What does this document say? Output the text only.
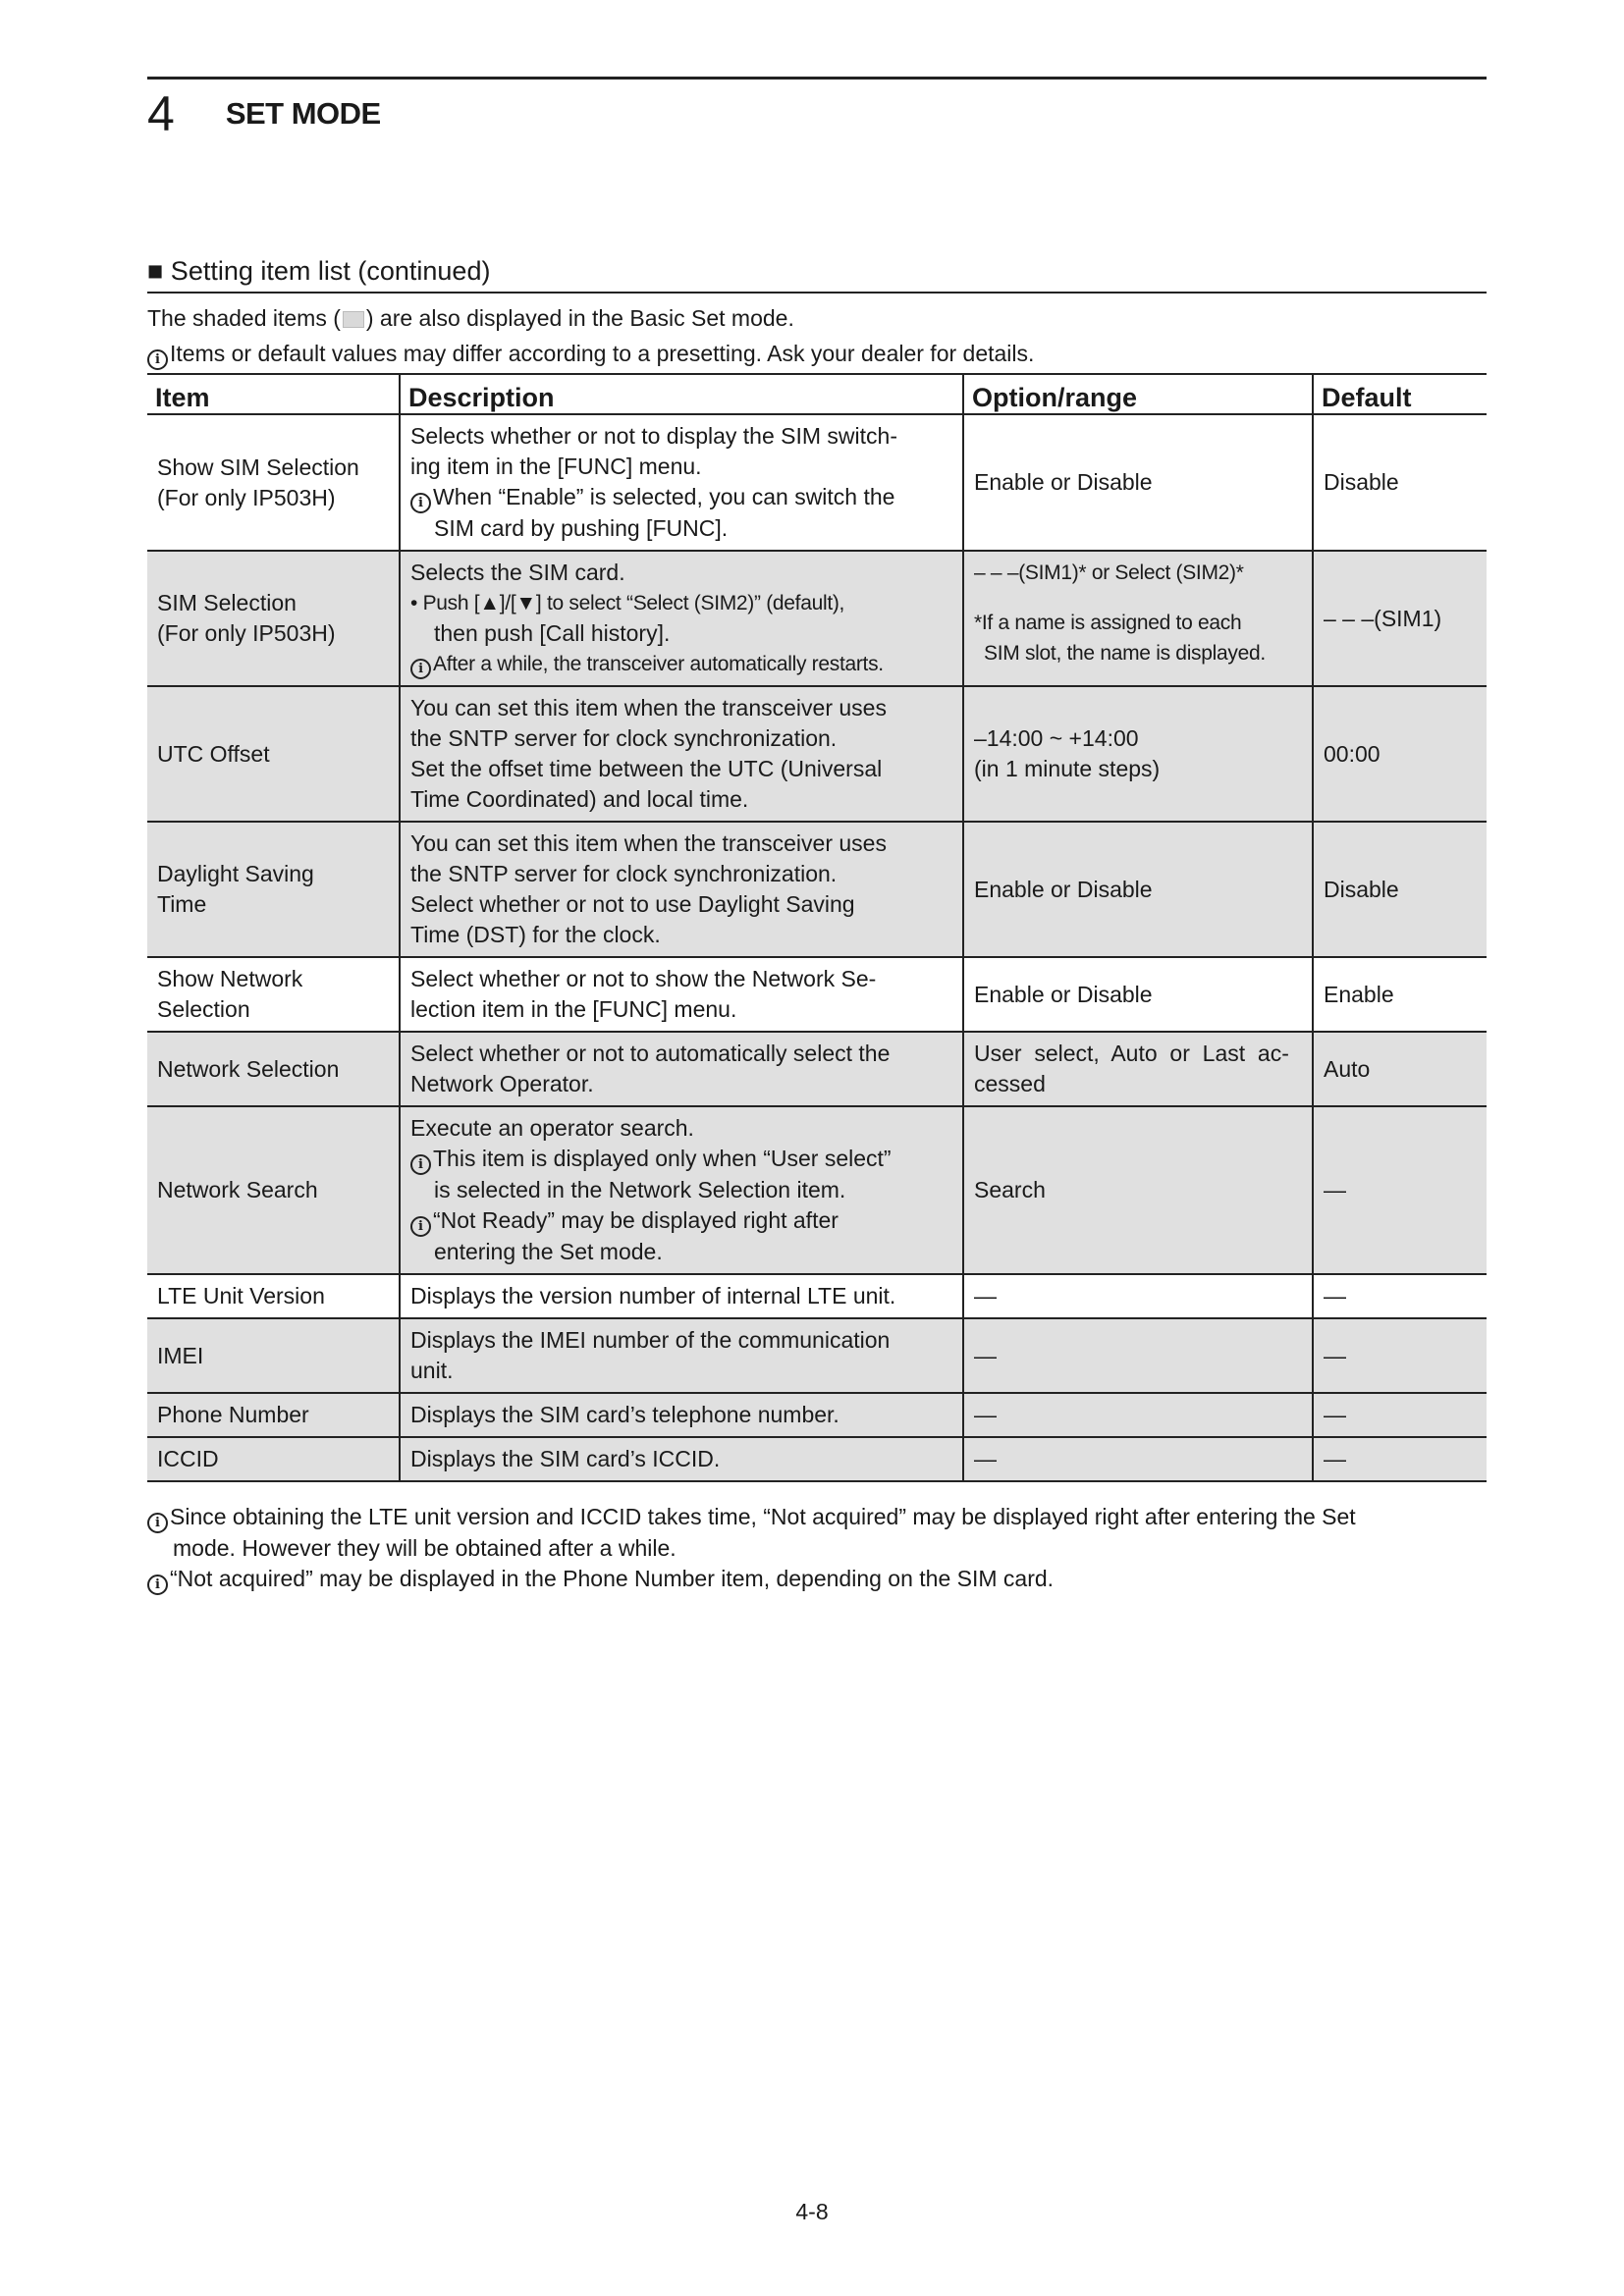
4 SET MODE
■ Setting item list (continued)
The shaded items ( ) are also displayed in the Basic Set mode.
i Items or default values may differ according to a presetting. Ask your dealer for details.
Item	Description	Option/range	Default

Show SIM Selection
(For only IP503H)	Selects whether or not to display the SIM switch-
ing item in the [FUNC] menu.
i When “Enable” is selected, you can switch the
SIM card by pushing [FUNC].	Enable or Disable	Disable

SIM Selection
(For only IP503H)	Selects the SIM card.
• Push [▲]/[▼] to select “Select (SIM2)” (default),
then push [Call history].
i After a while, the transceiver automatically restarts.	– – –(SIM1)* or Select (SIM2)*
*If a name is assigned to each
SIM slot, the name is displayed.	– – –(SIM1)

UTC Offset	You can set this item when the transceiver uses
the SNTP server for clock synchronization.
Set the offset time between the UTC (Universal
Time Coordinated) and local time.	–14:00 ~ +14:00
(in 1 minute steps)	00:00

Daylight Saving
Time	You can set this item when the transceiver uses
the SNTP server for clock synchronization.
Select whether or not to use Daylight Saving
Time (DST) for the clock.	Enable or Disable	Disable

Show Network
Selection	Select whether or not to show the Network Se-
lection item in the [FUNC] menu.	Enable or Disable	Enable

Network Selection	Select whether or not to automatically select the
Network Operator.	User  select,  Auto  or  Last  ac-
cessed	Auto

Network Search	Execute an operator search.
i This item is displayed only when “User select”
is selected in the Network Selection item.
i “Not Ready” may be displayed right after
entering the Set mode.	Search	—
LTE Unit Version	Displays the version number of internal LTE unit.	—	—
IMEI	Displays the IMEI number of the communication
unit.	—	—
Phone Number	Displays the SIM card’s telephone number.	—	—
ICCID	Displays the SIM card’s ICCID.	—	—
i Since obtaining the LTE unit version and ICCID takes time, “Not acquired” may be displayed right after entering the Set
mode. However they will be obtained after a while.
i “Not acquired” may be displayed in the Phone Number item, depending on the SIM card.
4-8
